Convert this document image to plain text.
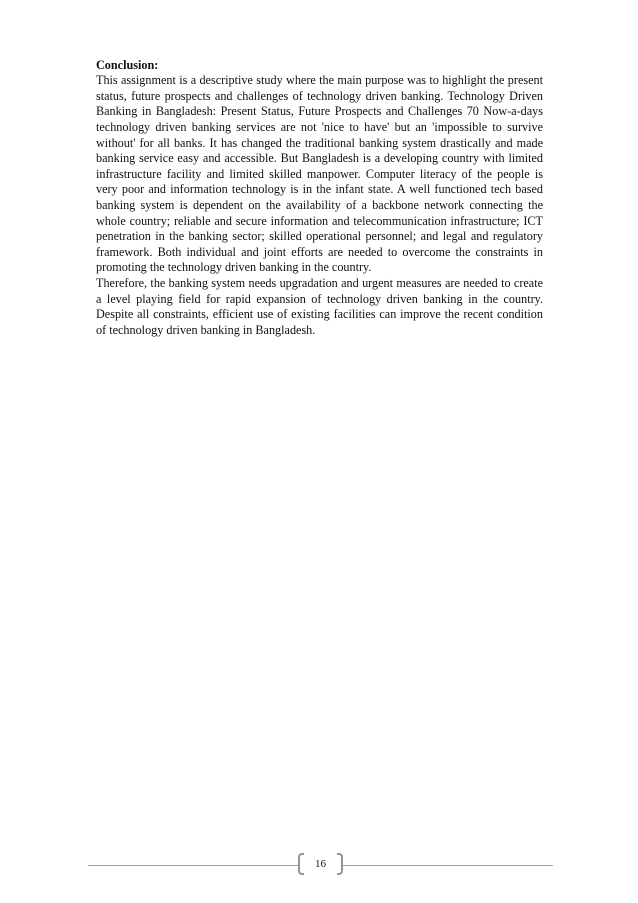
Conclusion:

This assignment is a descriptive study where the main purpose was to highlight the present status, future prospects and challenges of technology driven banking. Technology Driven Banking in Bangladesh: Present Status, Future Prospects and Challenges 70 Now-a-days technology driven banking services are not 'nice to have' but an 'impossible to survive without' for all banks. It has changed the traditional banking system drastically and made banking service easy and accessible. But Bangladesh is a developing country with limited infrastructure facility and limited skilled manpower. Computer literacy of the people is very poor and information technology is in the infant state. A well functioned tech based banking system is dependent on the availability of a backbone network connecting the whole country; reliable and secure information and telecommunication infrastructure; ICT penetration in the banking sector; skilled operational personnel; and legal and regulatory framework. Both individual and joint efforts are needed to overcome the constraints in promoting the technology driven banking in the country.

Therefore, the banking system needs upgradation and urgent measures are needed to create a level playing field for rapid expansion of technology driven banking in the country. Despite all constraints, efficient use of existing facilities can improve the recent condition of technology driven banking in Bangladesh.

16
